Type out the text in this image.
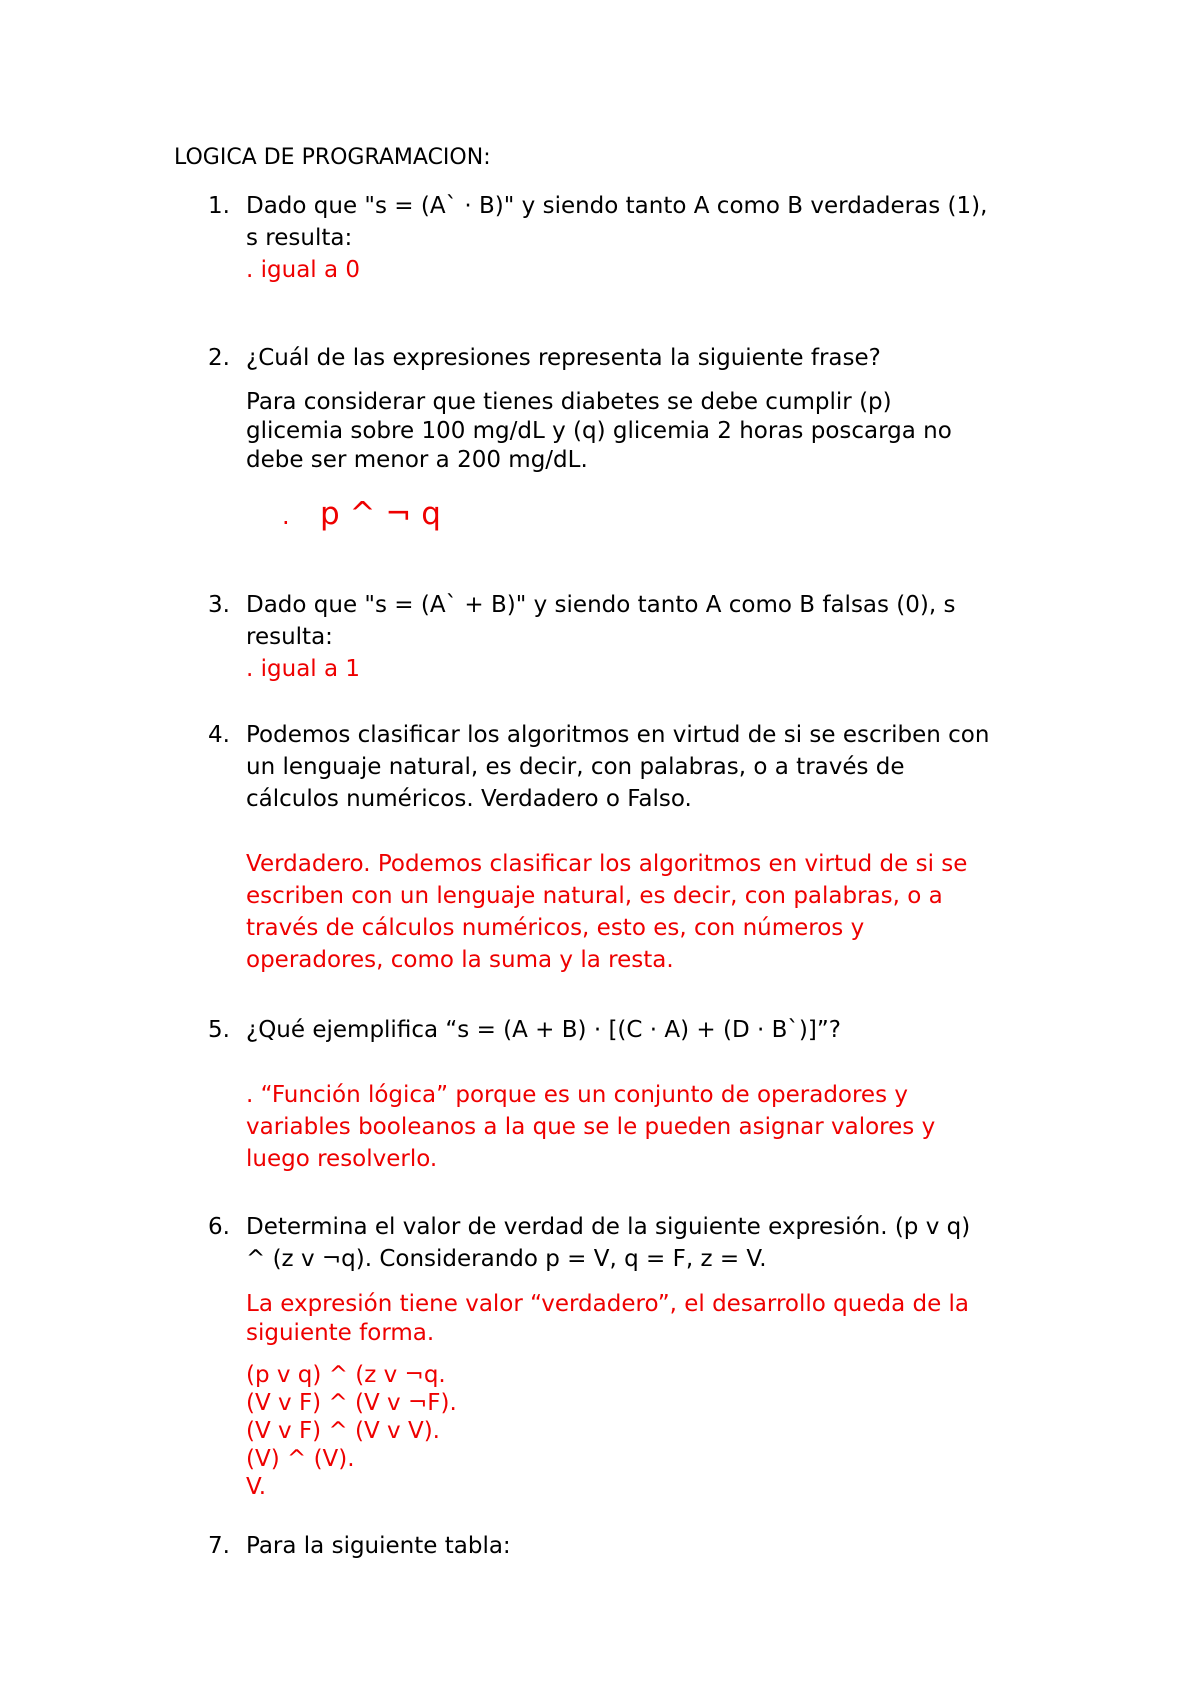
LOGICA DE PROGRAMACION:
1. Dado que "s = (A` · B)" y siendo tanto A como B verdaderas (1),
s resulta:
. igual a 0
2. ¿Cuál de las expresiones representa la siguiente frase?
Para considerar que tienes diabetes se debe cumplir (p)
glicemia sobre 100 mg/dL y (q) glicemia 2 horas poscarga no
debe ser menor a 200 mg/dL.
. p ^ ¬ q
3. Dado que "s = (A` + B)" y siendo tanto A como B falsas (0), s
resulta:
. igual a 1
4. Podemos clasificar los algoritmos en virtud de si se escriben con
un lenguaje natural, es decir, con palabras, o a través de
cálculos numéricos. Verdadero o Falso.
Verdadero. Podemos clasificar los algoritmos en virtud de si se
escriben con un lenguaje natural, es decir, con palabras, o a
través de cálculos numéricos, esto es, con números y
operadores, como la suma y la resta.
5. ¿Qué ejemplifica “s = (A + B) · [(C · A) + (D · B`)]”?
. “Función lógica” porque es un conjunto de operadores y
variables booleanos a la que se le pueden asignar valores y
luego resolverlo.
6. Determina el valor de verdad de la siguiente expresión. (p v q)
^ (z v ¬q). Considerando p = V, q = F, z = V.
La expresión tiene valor “verdadero”, el desarrollo queda de la
siguiente forma.
(p v q) ^ (z v ¬q.
(V v F) ^ (V v ¬F).
(V v F) ^ (V v V).
(V) ^ (V).
V.
7. Para la siguiente tabla:
